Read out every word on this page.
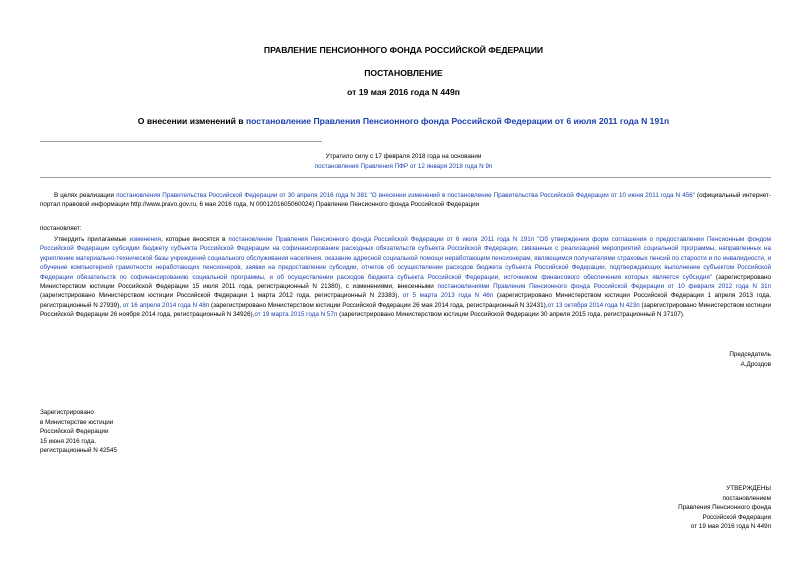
ПРАВЛЕНИЕ ПЕНСИОННОГО ФОНДА РОССИЙСКОЙ ФЕДЕРАЦИИ
ПОСТАНОВЛЕНИЕ
от 19 мая 2016 года N 449п
О внесении изменений в постановление Правления Пенсионного фонда Российской Федерации от 6 июля 2011 года N 191п
Утратило силу с 17 февраля 2018 года на основании
постановления Правления ПФР от 12 января 2018 года N 9п
В целях реализации постановления Правительства Российской Федерации от 30 апреля 2016 года N 381 "О внесении изменений в постановление Правительства Российской Федерации от 10 июня 2011 года N 456" (официальный интернет-портал правовой информации http://www.pravo.gov.ru, 6 мая 2016 года, N 0001201605060024) Правление Пенсионного фонда Российской Федерации
постановляет:
Утвердить прилагаемые изменения, которые вносятся в постановление Правления Пенсионного фонда Российской Федерации от 6 июля 2011 года N 191п "Об утверждении форм соглашения о предоставлении Пенсионным фондом Российской Федерации субсидии бюджету субъекта Российской Федерации на софинансирование расходных обязательств субъекта Российской Федерации, связанных с реализацией мероприятий социальной программы, направленных на укрепление материально-технической базы учреждений социального обслуживания населения, оказание адресной социальной помощи неработающим пенсионерам, являющимся получателями страховых пенсий по старости и по инвалидности, и обучение компьютерной грамотности неработающих пенсионеров, заявки на предоставление субсидии, отчетов об осуществлении расходов бюджета субъекта Российской Федерации, подтверждающих выполнение субъектом Российской Федерации обязательств по софинансированию социальной программы, и об осуществлении расходов бюджета субъекта Российской Федерации, источником финансового обеспечения которых является субсидия" (зарегистрировано Министерством юстиции Российской Федерации 15 июля 2011 года, регистрационный N 21380), с изменениями, внесенными постановлениями Правления Пенсионного фонда Российской Федерации от 10 февраля 2012 года N 31п (зарегистрировано Министерством юстиции Российской Федерации 1 марта 2012 года, регистрационный N 23383), от 5 марта 2013 года N 46п (зарегистрировано Министерством юстиции Российской Федерации 1 апреля 2013 года, регистрационный N 27939), от 16 апреля 2014 года N 48п (зарегистрировано Министерством юстиции Российской Федерации 26 мая 2014 года, регистрационный N 32431),от 13 октября 2014 года N 423п (зарегистрировано Министерством юстиции Российской Федерации 26 ноября 2014 года, регистрационный N 34926),от 19 марта 2015 года N 57п (зарегистрировано Министерством юстиции Российской Федерации 30 апреля 2015 года, регистрационный N 37107).
Председатель
А.Дроздов
Зарегистрировано
в Министерстве юстиции
Российской Федерации
15 июня 2016 года,
регистрационный N 42545
УТВЕРЖДЕНЫ
постановлением
Правления Пенсионного фонда
Российской Федерации
от 19 мая 2016 года N 449п
